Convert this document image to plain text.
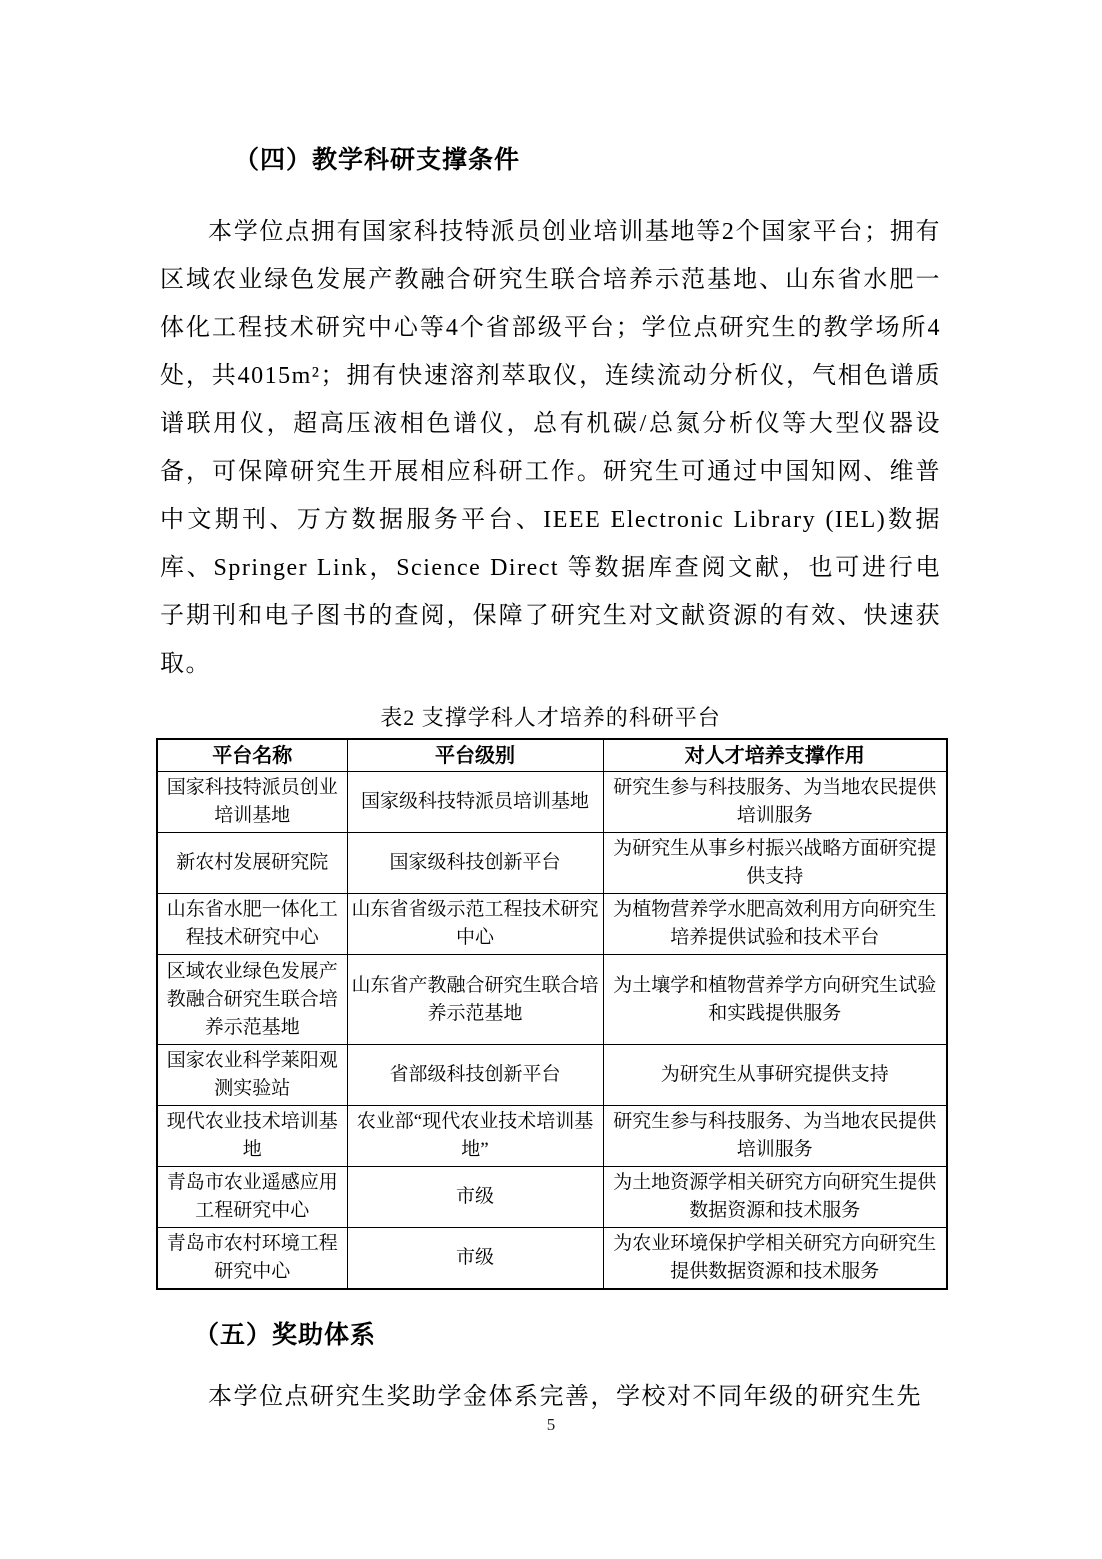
（四）教学科研支撑条件

本学位点拥有国家科技特派员创业培训基地等2个国家平台；拥有区域农业绿色发展产教融合研究生联合培养示范基地、山东省水肥一体化工程技术研究中心等4个省部级平台；学位点研究生的教学场所4处，共4015m²；拥有快速溶剂萃取仪，连续流动分析仪，气相色谱质谱联用仪，超高压液相色谱仪，总有机碳/总氮分析仪等大型仪器设备，可保障研究生开展相应科研工作。研究生可通过中国知网、维普中文期刊、万方数据服务平台、IEEE Electronic Library (IEL)数据库、Springer Link，Science Direct 等数据库查阅文献，也可进行电子期刊和电子图书的查阅，保障了研究生对文献资源的有效、快速获取。

表2 支撑学科人才培养的科研平台
平台名称	平台级别	对人才培养支撑作用
国家科技特派员创业培训基地	国家级科技特派员培训基地	研究生参与科技服务、为当地农民提供培训服务
新农村发展研究院	国家级科技创新平台	为研究生从事乡村振兴战略方面研究提供支持
山东省水肥一体化工程技术研究中心	山东省省级示范工程技术研究中心	为植物营养学水肥高效利用方向研究生培养提供试验和技术平台
区域农业绿色发展产教融合研究生联合培养示范基地	山东省产教融合研究生联合培养示范基地	为土壤学和植物营养学方向研究生试验和实践提供服务
国家农业科学莱阳观测实验站	省部级科技创新平台	为研究生从事研究提供支持
现代农业技术培训基地	农业部“现代农业技术培训基地”	研究生参与科技服务、为当地农民提供培训服务
青岛市农业遥感应用工程研究中心	市级	为土地资源学相关研究方向研究生提供数据资源和技术服务
青岛市农村环境工程研究中心	市级	为农业环境保护学相关研究方向研究生提供数据资源和技术服务
（五）奖助体系

本学位点研究生奖助学金体系完善，学校对不同年级的研究生先

5
